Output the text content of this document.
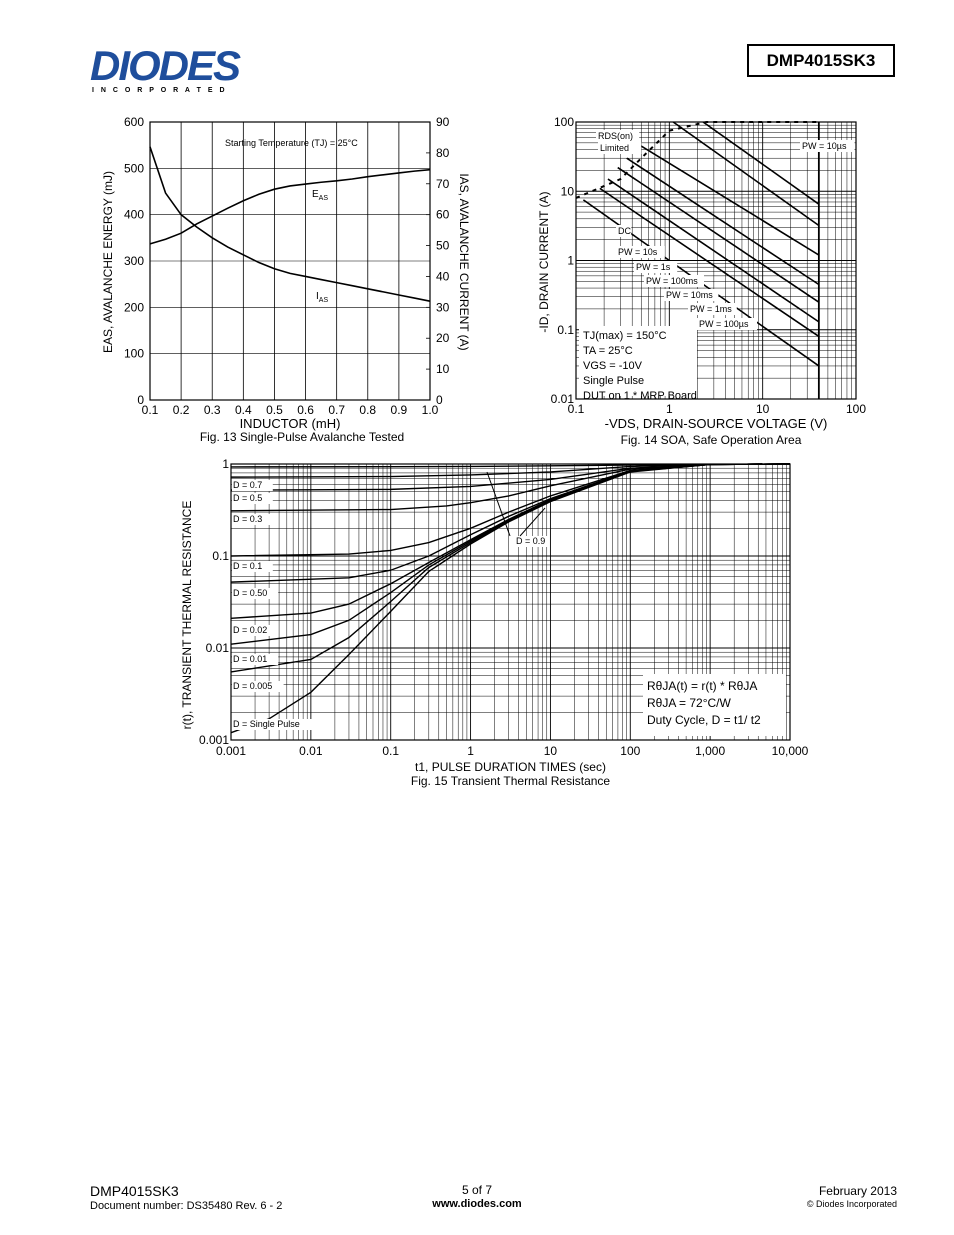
DIODES
I N C O R P O R A T E D
DMP4015SK3
0.1 0.2 0.3 0.4 0.5 0.6 0.7 0.8 0.9 1.0
0
100
200
300
400
500
600
0
10
20
30
40
50
60
70
80
90
$E_{AS}$
$I_{AS}$
Starting Temperature (TJ) = 25°C
INDUCTOR (mH)
Fig. 13 Single-Pulse Avalanche Tested
EAS, AVALANCHE ENERGY (mJ)	IAS, AVALANCHE CURRENT (A)
0.1	1	10	100
0.01
0.1
1
10
100
RDS(on)
Limited	PW = 10µs
DC
PW = 10s
PW = 1s
PW = 100ms
PW = 10ms
PW = 1ms
PW = 100µs
TJ(max) = 150°C
TA = 25°C
VGS = -10V
Single Pulse
DUT on 1 * MRP Board
-VDS, DRAIN-SOURCE VOLTAGE (V)
Fig. 14 SOA, Safe Operation Area
-ID, DRAIN CURRENT (A)
0.001	0.01	0.1	1	10	100	1,000	10,000
0.001
0.01
0.1
1
D = 0.7
D = 0.5
D = 0.3
D = 0.1
D = 0.50
D = 0.02
D = 0.01
D = 0.005
D = Single Pulse
D = 0.9
RθJA(t) = r(t) * RθJA
RθJA = 72°C/W
Duty Cycle, D = t1/ t2
t1, PULSE DURATION TIMES (sec)
Fig. 15 Transient Thermal Resistance
r(t), TRANSIENT THERMAL RESISTANCE
DMP4015SK3
Document number: DS35480 Rev. 6 - 2
5 of 7
www.diodes.com
February 2013
© Diodes Incorporated
